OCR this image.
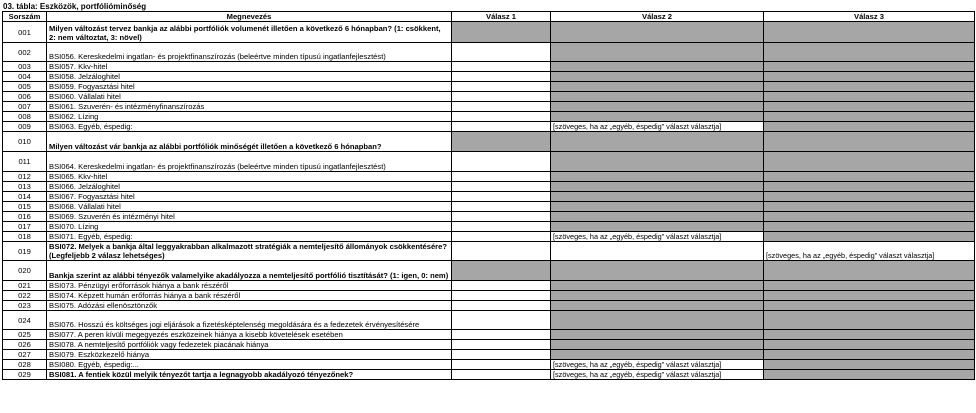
03. tábla: Eszközök, portfólióminőség
Sorszám	Megnevezés	Válasz 1	Válasz 2	Válasz 3
001	Milyen változást tervez bankja az alábbi portfóliók volumenét illetően a következő 6 hónapban? (1: csökkent, 2: nem változtat, 3: növel)			
002	BSI056. Kereskedelmi ingatlan- és projektfinanszírozás (beleértve minden típusú ingatlanfejlesztést)			
003	BSI057. Kkv-hitel			
004	BSI058. Jelzáloghitel			
005	BSI059. Fogyasztási hitel			
006	BSI060. Vállalati hitel			
007	BSI061. Szuverén- és intézményfinanszírozás			
008	BSI062. Lízing			
009	BSI063. Egyéb, éspedig:		[szöveges, ha az „egyéb, éspedig” választ választja]	
010	Milyen változást vár bankja az alábbi portfóliók minőségét illetően a következő 6 hónapban?			
011	BSI064. Kereskedelmi ingatlan- és projektfinanszírozás (beleértve minden típusú ingatlanfejlesztést)			
012	BSI065. Kkv-hitel			
013	BSI066. Jelzáloghitel			
014	BSI067. Fogyasztási hitel			
015	BSI068. Vállalati hitel			
016	BSI069. Szuverén és intézményi hitel			
017	BSI070. Lízing			
018	BSI071. Egyéb, éspedig:		[szöveges, ha az „egyéb, éspedig” választ választja]	
019	BSI072. Melyek a bankja által leggyakrabban alkalmazott stratégiák a nemteljesítő állományok csökkentésére? (Legfeljebb 2 válasz lehetséges)			[szöveges, ha az „egyéb, éspedig” választ választja]
020	Bankja szerint az alábbi tényezők valamelyike akadályozza a nemteljesítő portfólió tisztítását? (1: igen, 0: nem)			
021	BSI073. Pénzügyi erőforrások hiánya a bank részéről			
022	BSI074. Képzett humán erőforrás hiánya a bank részéről			
023	BSI075. Adózási ellenösztönzők			
024	BSI076. Hosszú és költséges jogi eljárások a fizetésképtelenség megoldására és a fedezetek érvényesítésére			
025	BSI077. A peren kívüli megegyezés eszközeinek hiánya a kisebb követelések esetében			
026	BSI078. A nemteljesítő portfóliók vagy fedezetek piacának hiánya			
027	BSI079. Eszközkezelő hiánya			
028	BSI080. Egyéb, éspedig:...		[szöveges, ha az „egyéb, éspedig” választ választja]	
029	BSI081. A fentiek közül melyik tényezőt tartja a legnagyobb akadályozó tényezőnek?		[szöveges, ha az „egyéb, éspedig” választ választja]	
